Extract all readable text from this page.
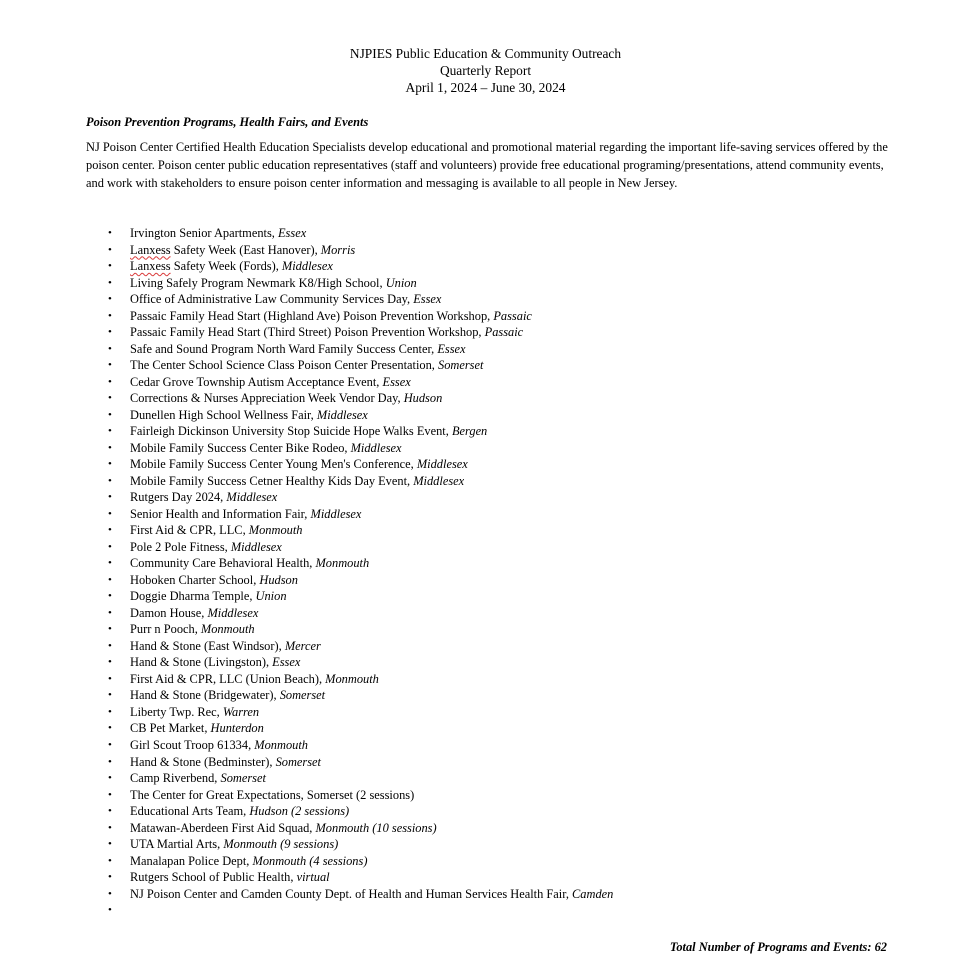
NJPIES Public Education & Community Outreach
Quarterly Report
April 1, 2024 – June 30, 2024
Poison Prevention Programs, Health Fairs, and Events

NJ Poison Center Certified Health Education Specialists develop educational and promotional material regarding the important life-saving services offered by the poison center. Poison center public education representatives (staff and volunteers) provide free educational programing/presentations, attend community events, and work with stakeholders to ensure poison center information and messaging is available to all people in New Jersey.

• Irvington Senior Apartments, Essex
• Lanxess Safety Week (East Hanover), Morris
• Lanxess Safety Week (Fords), Middlesex
• Living Safely Program Newmark K8/High School, Union
• Office of Administrative Law Community Services Day, Essex
• Passaic Family Head Start (Highland Ave) Poison Prevention Workshop, Passaic
• Passaic Family Head Start (Third Street) Poison Prevention Workshop, Passaic
• Safe and Sound Program North Ward Family Success Center, Essex
• The Center School Science Class Poison Center Presentation, Somerset
• Cedar Grove Township Autism Acceptance Event, Essex
• Corrections & Nurses Appreciation Week Vendor Day, Hudson
• Dunellen High School Wellness Fair, Middlesex
• Fairleigh Dickinson University Stop Suicide Hope Walks Event, Bergen
• Mobile Family Success Center Bike Rodeo, Middlesex
• Mobile Family Success Center Young Men's Conference, Middlesex
• Mobile Family Success Cetner Healthy Kids Day Event, Middlesex
• Rutgers Day 2024, Middlesex
• Senior Health and Information Fair, Middlesex
• First Aid & CPR, LLC, Monmouth
• Pole 2 Pole Fitness, Middlesex
• Community Care Behavioral Health, Monmouth
• Hoboken Charter School, Hudson
• Doggie Dharma Temple, Union
• Damon House, Middlesex
• Purr n Pooch, Monmouth
• Hand & Stone (East Windsor), Mercer
• Hand & Stone (Livingston), Essex
• First Aid & CPR, LLC (Union Beach), Monmouth
• Hand & Stone (Bridgewater), Somerset
• Liberty Twp. Rec, Warren
• CB Pet Market, Hunterdon
• Girl Scout Troop 61334, Monmouth
• Hand & Stone (Bedminster), Somerset
• Camp Riverbend, Somerset
• The Center for Great Expectations, Somerset (2 sessions)
• Educational Arts Team, Hudson (2 sessions)
• Matawan-Aberdeen First Aid Squad, Monmouth (10 sessions)
• UTA Martial Arts, Monmouth (9 sessions)
• Manalapan Police Dept, Monmouth (4 sessions)
• Rutgers School of Public Health, virtual
• NJ Poison Center and Camden County Dept. of Health and Human Services Health Fair, Camden
•
Total Number of Programs and Events: 62
